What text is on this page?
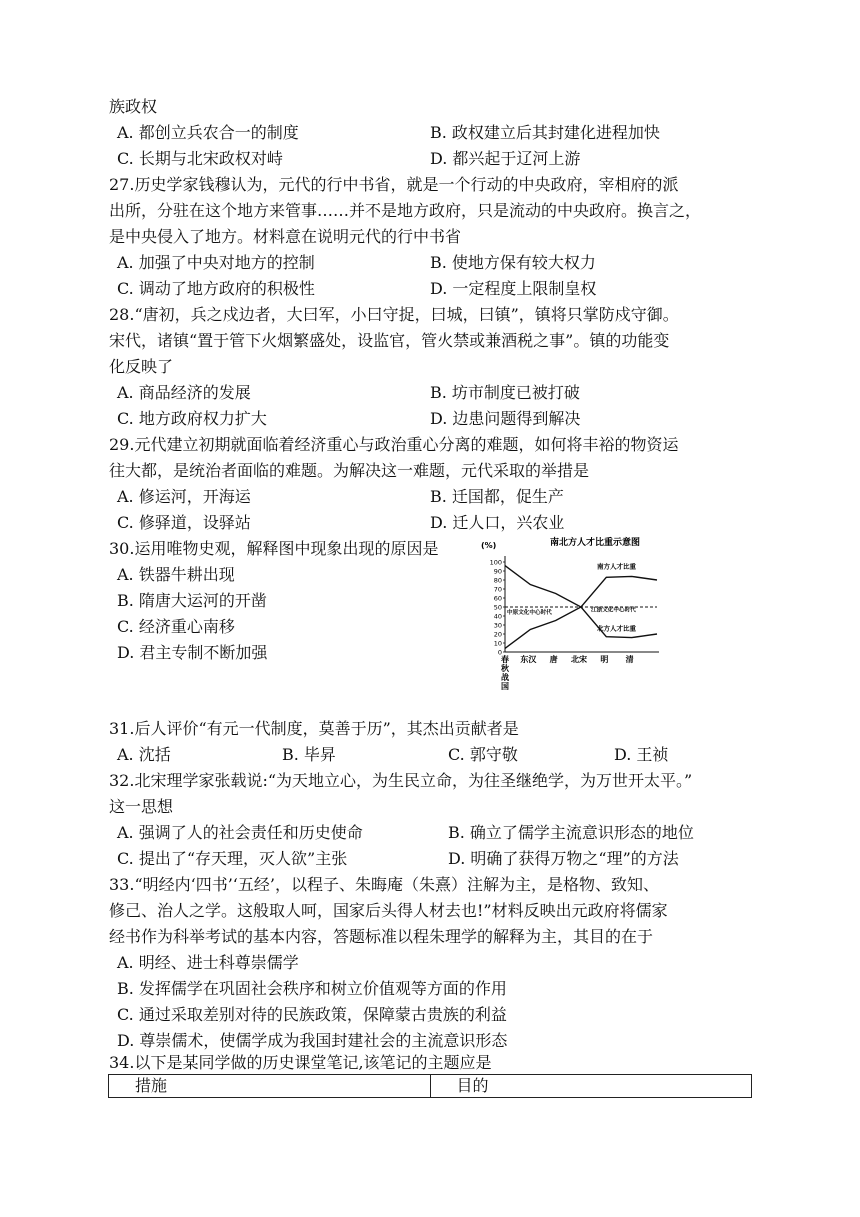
族政权
A. 都创立兵农合一的制度	B. 政权建立后其封建化进程加快
C. 长期与北宋政权对峙	D. 都兴起于辽河上游
27.历史学家钱穆认为，元代的行中书省，就是一个行动的中央政府，宰相府的派
出所，分驻在这个地方来管事……并不是地方政府，只是流动的中央政府。换言之，
是中央侵入了地方。材料意在说明元代的行中书省
A. 加强了中央对地方的控制	B. 使地方保有较大权力
C. 调动了地方政府的积极性	D. 一定程度上限制皇权
28.“唐初，兵之戍边者，大曰军，小曰守捉，曰城，曰镇”，镇将只掌防戍守御。
宋代，诸镇“置于管下火烟繁盛处，设监官，管火禁或兼酒税之事”。镇的功能变
化反映了
A. 商品经济的发展	B. 坊市制度已被打破
C. 地方政府权力扩大	D. 边患问题得到解决
29.元代建立初期就面临着经济重心与政治重心分离的难题，如何将丰裕的物资运
往大都，是统治者面临的难题。为解决这一难题，元代采取的举措是
A. 修运河，开海运	B. 迁国都，促生产
C. 修驿道，设驿站	D. 迁人口，兴农业
30.运用唯物史观，解释图中现象出现的原因是
A. 铁器牛耕出现
B. 隋唐大运河的开凿
C. 经济重心南移
D. 君主专制不断加强
南北方人才比重示意图
(%)
0
10
20
30
40
50
60
70
80
90
100	南方人才比重
北方人才比重
中原文化中心时代	江浙文化中心时代
春
秋
战
国
东汉 唐 北宋 明 清
31.后人评价“有元一代制度，莫善于历”，其杰出贡献者是
A. 沈括	B. 毕昇	C. 郭守敬	D. 王祯
32.北宋理学家张载说:“为天地立心，为生民立命，为往圣继绝学，为万世开太平。”
这一思想
A. 强调了人的社会责任和历史使命	B. 确立了儒学主流意识形态的地位
C. 提出了“存天理，灭人欲”主张	D. 明确了获得万物之“理”的方法
33.“明经内‘四书’‘五经’，以程子、朱晦庵（朱熹）注解为主，是格物、致知、
修己、治人之学。这般取人呵，国家后头得人材去也!”材料反映出元政府将儒家
经书作为科举考试的基本内容，答题标准以程朱理学的解释为主，其目的在于
A. 明经、进士科尊崇儒学
B. 发挥儒学在巩固社会秩序和树立价值观等方面的作用
C. 通过采取差别对待的民族政策，保障蒙古贵族的利益
D. 尊崇儒术，使儒学成为我国封建社会的主流意识形态
34.以下是某同学做的历史课堂笔记,该笔记的主题应是
措施	目的
